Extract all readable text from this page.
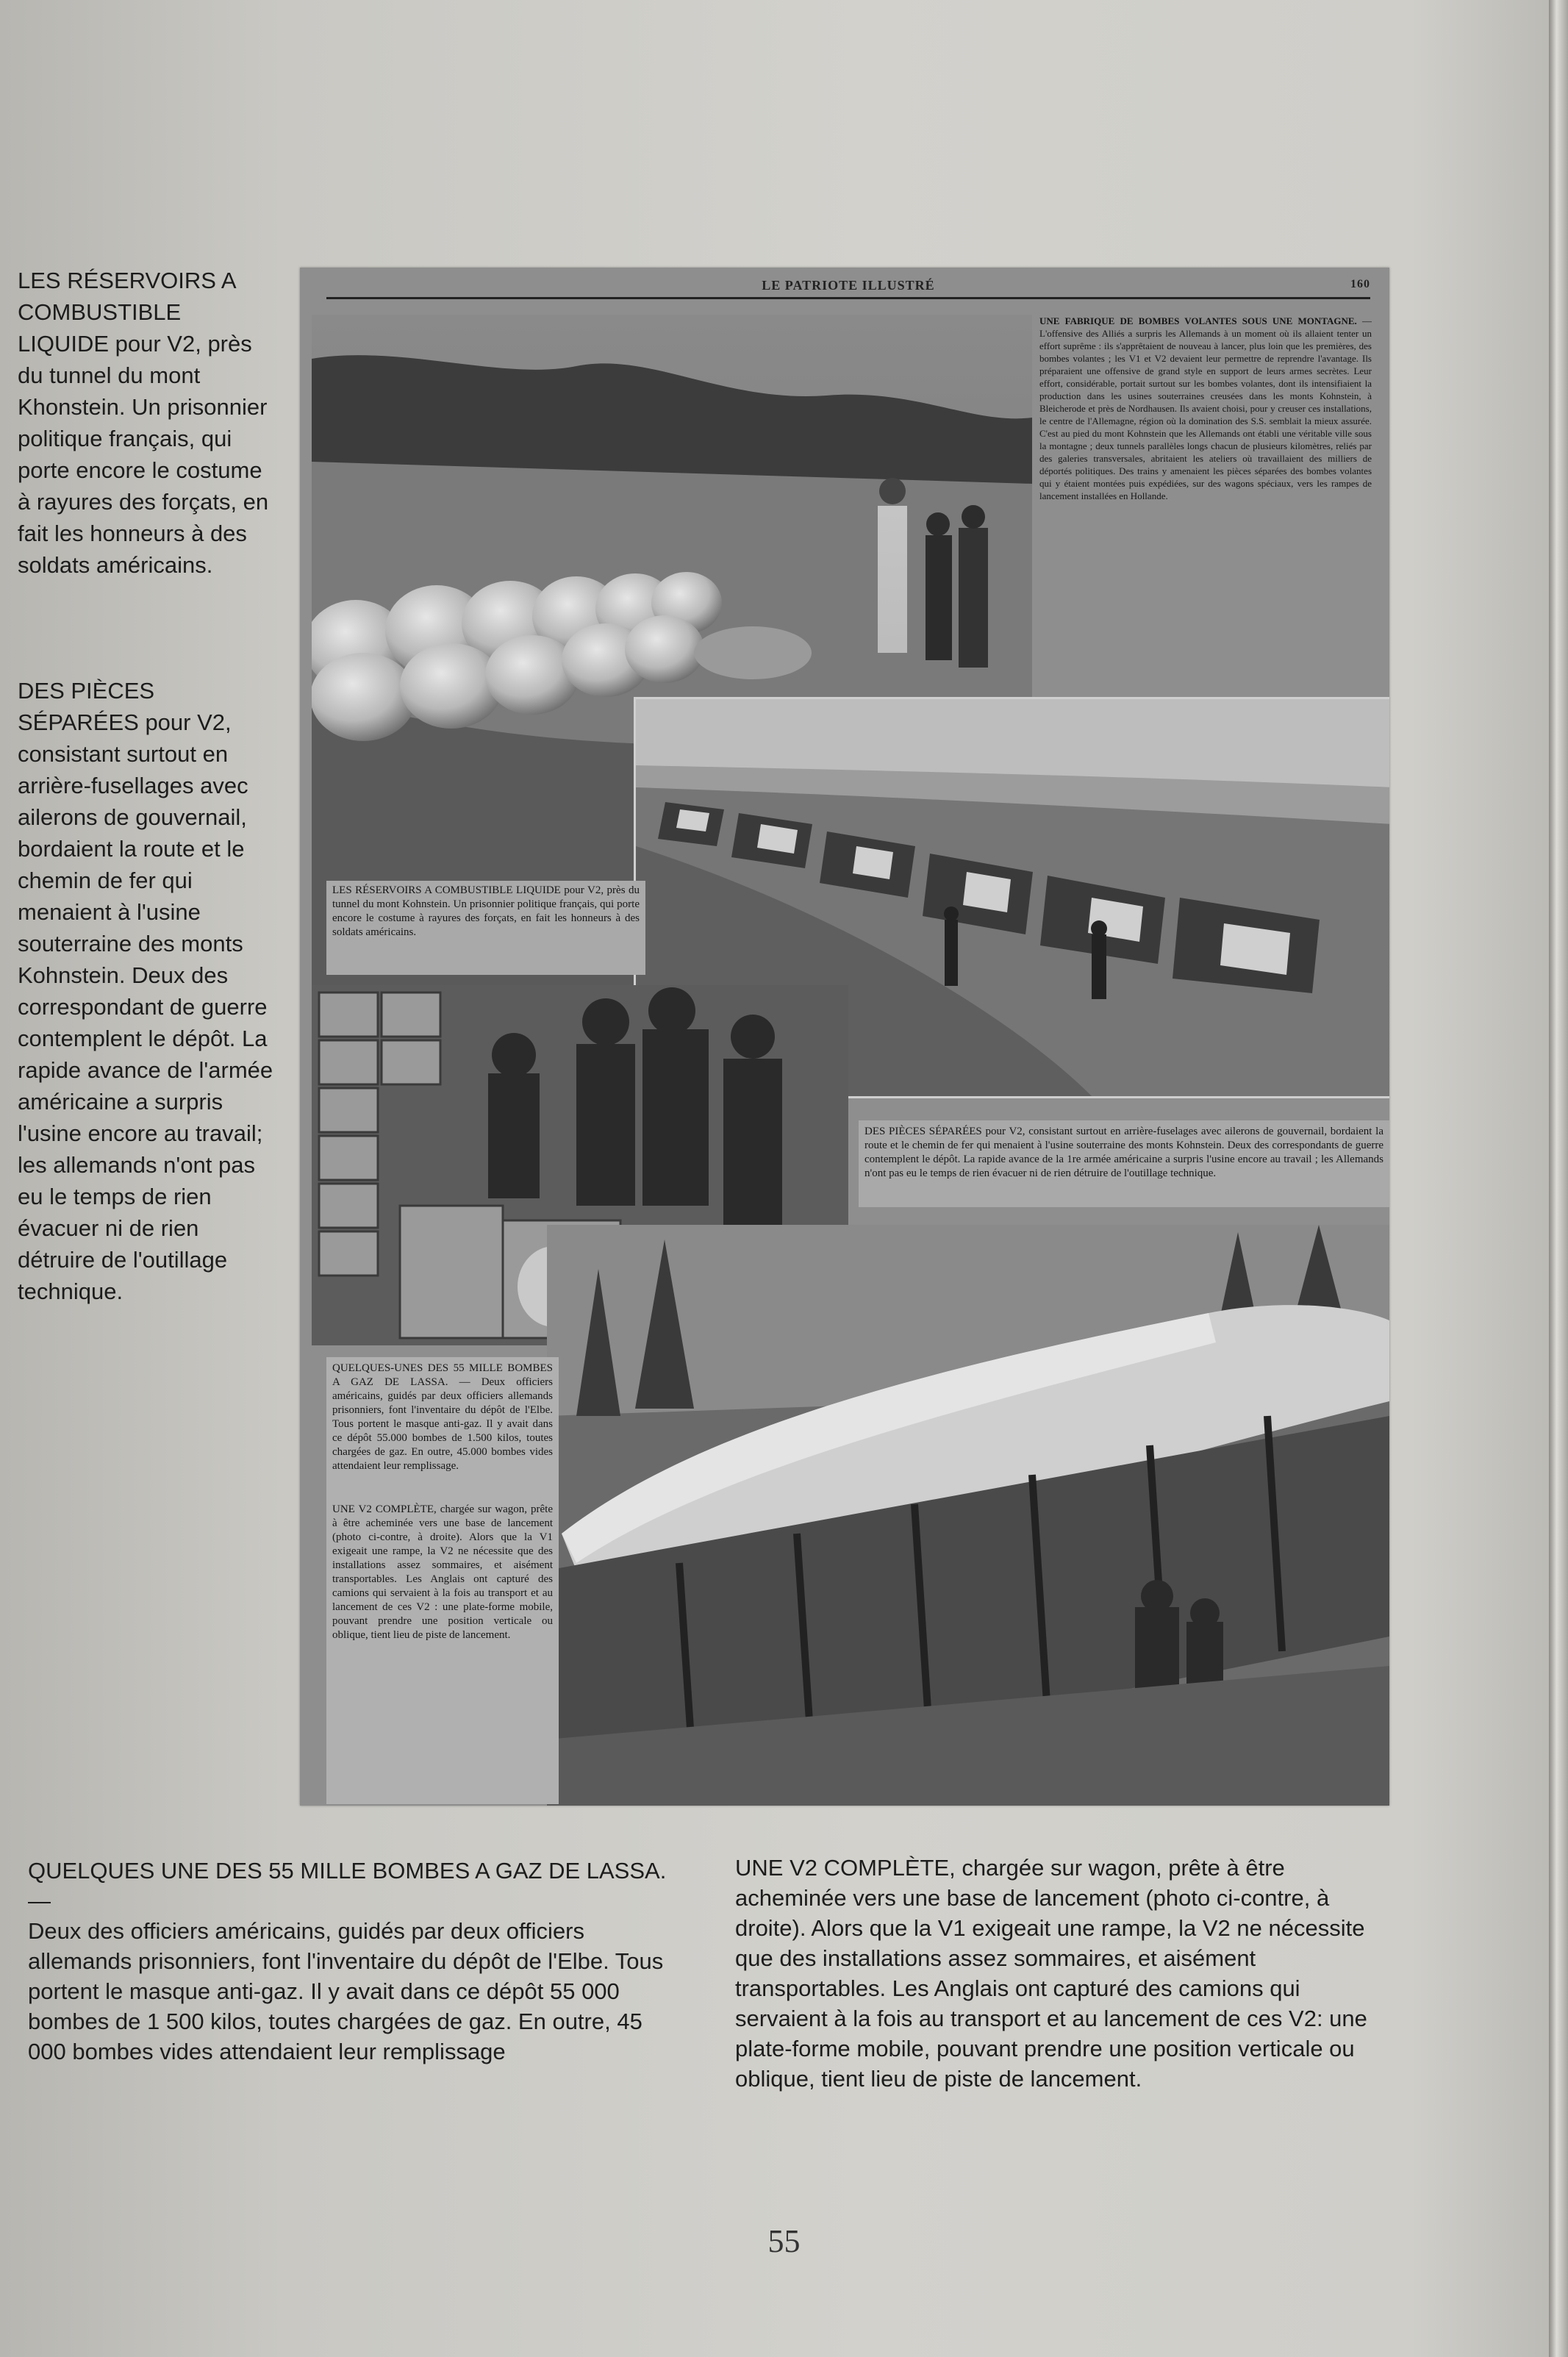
LES RÉSERVOIRS A COMBUSTIBLE LIQUIDE pour V2, près du tunnel du mont Khonstein. Un prisonnier politique français, qui porte encore le costume à rayures des forçats, en fait les honneurs à des soldats américains.
DES PIÈCES SÉPARÉES pour V2, consistant surtout en arrière-fusellages avec ailerons de gouvernail, bordaient la route et le chemin de fer qui menaient à l'usine souterraine des monts Kohnstein. Deux des correspondant de guerre contemplent le dépôt. La rapide avance de l'armée américaine a surpris l'usine encore au travail; les allemands n'ont pas eu le temps de rien évacuer ni de rien détruire de l'outillage technique.
LE PATRIOTE ILLUSTRÉ	160
UNE FABRIQUE DE BOMBES VOLANTES SOUS UNE MONTAGNE. — L'offensive des Alliés a surpris les Allemands à un moment où ils allaient tenter un effort suprême : ils s'apprêtaient de nouveau à lancer, plus loin que les premières, des bombes volantes ; les V1 et V2 devaient leur permettre de reprendre l'avantage. Ils préparaient une offensive de grand style en support de leurs armes secrètes. Leur effort, considérable, portait surtout sur les bombes volantes, dont ils intensifiaient la production dans les usines souterraines creusées dans les monts Kohnstein, à Bleicherode et près de Nordhausen. Ils avaient choisi, pour y creuser ces installations, le centre de l'Allemagne, région où la domination des S.S. semblait la mieux assurée. C'est au pied du mont Kohnstein que les Allemands ont établi une véritable ville sous la montagne ; deux tunnels parallèles longs chacun de plusieurs kilomètres, reliés par des galeries transversales, abritaient les ateliers où travaillaient des milliers de déportés politiques. Des trains y amenaient les pièces séparées des bombes volantes qui y étaient montées puis expédiées, sur des wagons spéciaux, vers les rampes de lancement installées en Hollande.
LES RÉSERVOIRS A COMBUSTIBLE LIQUIDE pour V2, près du tunnel du mont Kohnstein. Un prisonnier politique français, qui porte encore le costume à rayures des forçats, en fait les honneurs à des soldats américains.
DES PIÈCES SÉPARÉES pour V2, consistant surtout en arrière-fuselages avec ailerons de gouvernail, bordaient la route et le chemin de fer qui menaient à l'usine souterraine des monts Kohnstein. Deux des correspondants de guerre contemplent le dépôt. La rapide avance de la 1re armée américaine a surpris l'usine encore au travail ; les Allemands n'ont pas eu le temps de rien évacuer ni de rien détruire de l'outillage technique.
QUELQUES-UNES DES 55 MILLE BOMBES A GAZ DE LASSA. — Deux officiers américains, guidés par deux officiers allemands prisonniers, font l'inventaire du dépôt de l'Elbe. Tous portent le masque anti-gaz. Il y avait dans ce dépôt 55.000 bombes de 1.500 kilos, toutes chargées de gaz. En outre, 45.000 bombes vides attendaient leur remplissage.
UNE V2 COMPLÈTE, chargée sur wagon, prête à être acheminée vers une base de lancement (photo ci-contre, à droite). Alors que la V1 exigeait une rampe, la V2 ne nécessite que des installations assez sommaires, et aisément transportables. Les Anglais ont capturé des camions qui servaient à la fois au transport et au lancement de ces V2 : une plate-forme mobile, pouvant prendre une position verticale ou oblique, tient lieu de piste de lancement.
QUELQUES UNE DES 55 MILLE BOMBES A GAZ DE LASSA. —
Deux des officiers américains, guidés par deux officiers allemands prisonniers, font l'inventaire du dépôt de l'Elbe. Tous portent le masque anti-gaz. Il y avait dans ce dépôt 55 000 bombes de 1 500 kilos, toutes chargées de gaz. En outre, 45 000 bombes vides attendaient leur remplissage
UNE V2 COMPLÈTE, chargée sur wagon, prête à être acheminée vers une base de lancement (photo ci-contre, à droite). Alors que la V1 exigeait une rampe, la V2 ne nécessite que des installations assez sommaires, et aisément transportables. Les Anglais ont capturé des camions qui servaient à la fois au transport et au lancement de ces V2: une plate-forme mobile, pouvant prendre une position verticale ou oblique, tient lieu de piste de lancement.
55
